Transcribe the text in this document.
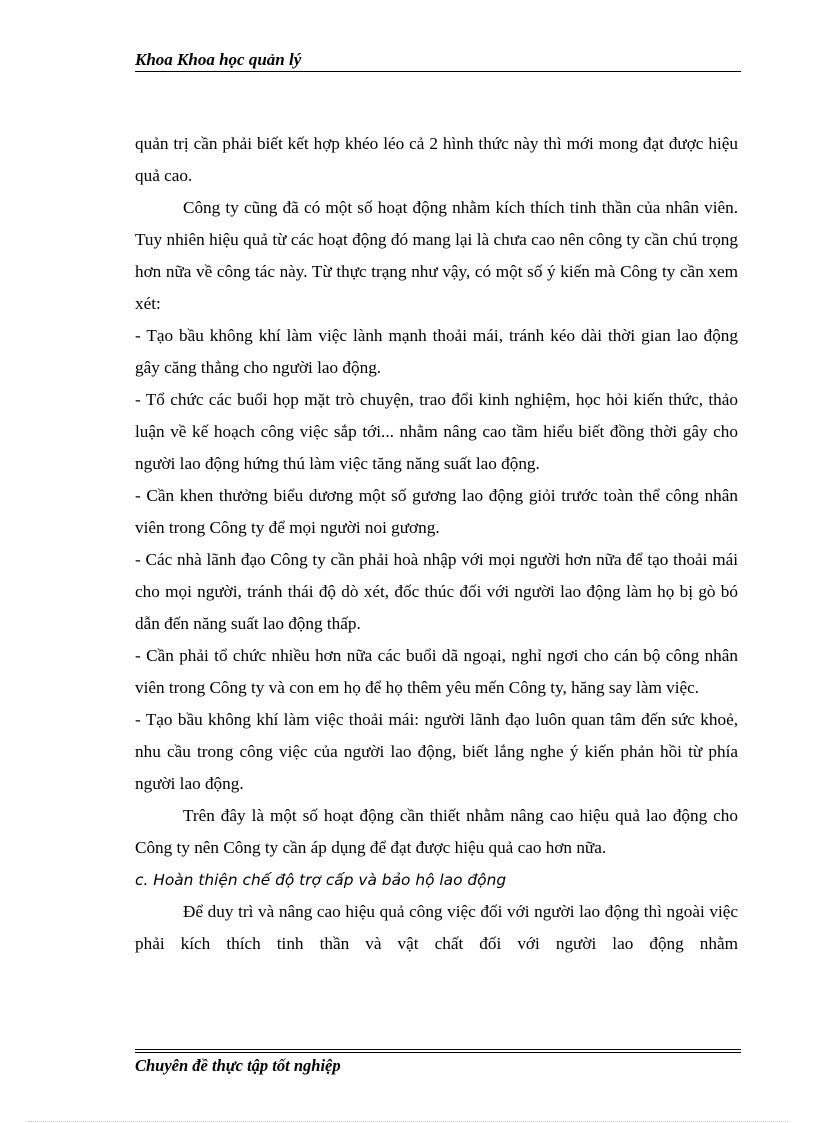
Khoa Khoa học quản lý

quản trị cần phải biết kết hợp khéo léo cả 2 hình thức này thì mới mong đạt được hiệu quả cao.

Công ty cũng đã có một số hoạt động nhằm kích thích tinh thần của nhân viên. Tuy nhiên hiệu quả từ các hoạt động đó mang lại là chưa cao nên công ty cần chú trọng hơn nữa về công tác này. Từ thực trạng như vậy, có một số ý kiến mà Công ty cần xem xét:

- Tạo bầu không khí làm việc lành mạnh thoải mái, tránh kéo dài thời gian lao động gây căng thẳng cho người lao động.

- Tổ chức các buổi họp mặt trò chuyện, trao đổi kinh nghiệm, học hỏi kiến thức, thảo luận về kế hoạch công việc sắp tới... nhằm nâng cao tầm hiểu biết đồng thời gây cho người lao động hứng thú làm việc tăng năng suất lao động.

- Cần khen thưởng biểu dương một số gương lao động giỏi trước toàn thể công nhân viên trong Công ty để mọi người noi gương.

- Các nhà lãnh đạo Công ty cần phải hoà nhập với mọi người hơn nữa để tạo thoải mái cho mọi người, tránh thái độ dò xét, đốc thúc đối với người lao động làm họ bị gò bó dẫn đến năng suất lao động thấp.

- Cần phải tổ chức nhiều hơn nữa các buổi dã ngoại, nghỉ ngơi cho cán bộ công nhân viên trong Công ty và con em họ để họ thêm yêu mến Công ty, hăng say làm việc.

- Tạo bầu không khí làm việc thoải mái: người lãnh đạo luôn quan tâm đến sức khoẻ, nhu cầu trong công việc của người lao động, biết lắng nghe ý kiến phản hồi từ phía người lao động.

Trên đây là một số hoạt động cần thiết nhằm nâng cao hiệu quả lao động cho Công ty nên Công ty cần áp dụng để đạt được hiệu quả cao hơn nữa.

c. Hoàn thiện chế độ trợ cấp và bảo hộ lao động

Để duy trì và nâng cao hiệu quả công việc đối với người lao động thì ngoài việc phải kích thích tinh thần và vật chất đối với người lao động nhằm

Chuyên đề thực tập tốt nghiệp
